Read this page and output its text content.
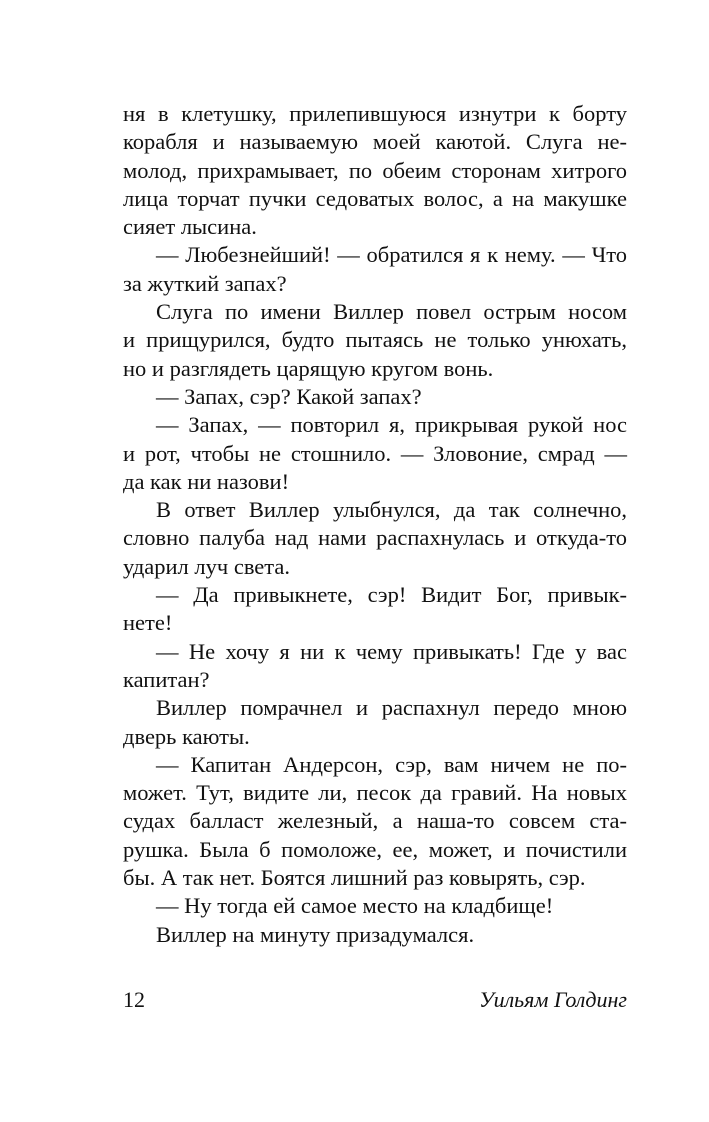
ня в клетушку, прилепившуюся изнутри к борту
корабля и называемую моей каютой. Слуга не-
молод, прихрамывает, по обеим сторонам хитрого
лица торчат пучки седоватых волос, а на макушке
сияет лысина.
— Любезнейший! — обратился я к нему. — Что
за жуткий запах?
Слуга по имени Виллер повел острым носом
и прищурился, будто пытаясь не только унюхать,
но и разглядеть царящую кругом вонь.
— Запах, сэр? Какой запах?
— Запах, — повторил я, прикрывая рукой нос
и рот, чтобы не стошнило. — Зловоние, смрад —
да как ни назови!
В ответ Виллер улыбнулся, да так солнечно,
словно палуба над нами распахнулась и откуда-то
ударил луч света.
— Да привыкнете, сэр! Видит Бог, привык-
нете!
— Не хочу я ни к чему привыкать! Где у вас
капитан?
Виллер помрачнел и распахнул передо мною
дверь каюты.
— Капитан Андерсон, сэр, вам ничем не по-
может. Тут, видите ли, песок да гравий. На новых
судах балласт железный, а наша-то совсем ста-
рушка. Была б помоложе, ее, может, и почистили
бы. А так нет. Боятся лишний раз ковырять, сэр.
— Ну тогда ей самое место на кладбище!
Виллер на минуту призадумался.
12	Уильям Голдинг
